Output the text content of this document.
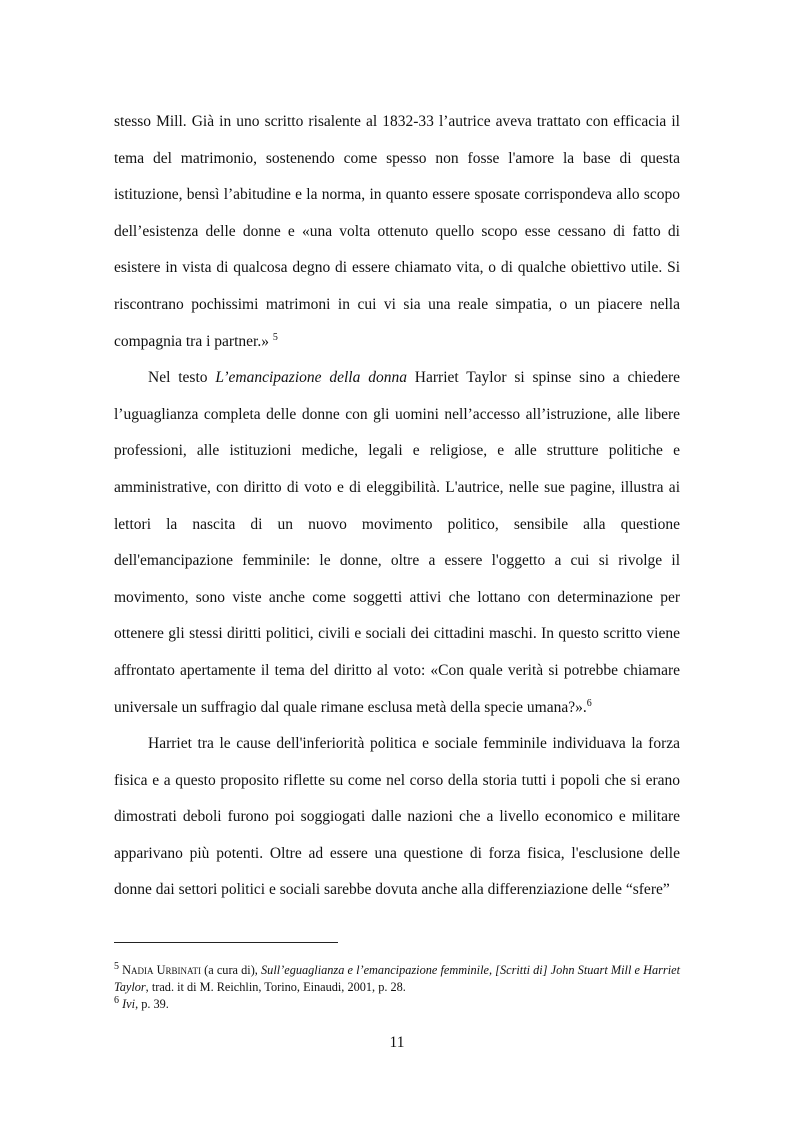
stesso Mill. Già in uno scritto risalente al 1832-33 l’autrice aveva trattato con efficacia il tema del matrimonio, sostenendo come spesso non fosse l'amore la base di questa istituzione, bensì l’abitudine e la norma, in quanto essere sposate corrispondeva allo scopo dell’esistenza delle donne e «una volta ottenuto quello scopo esse cessano di fatto di esistere in vista di qualcosa degno di essere chiamato vita, o di qualche obiettivo utile. Si riscontrano pochissimi matrimoni in cui vi sia una reale simpatia, o un piacere nella compagnia tra i partner.» $^5$

Nel testo L’emancipazione della donna Harriet Taylor si spinse sino a chiedere l’uguaglianza completa delle donne con gli uomini nell’accesso all’istruzione, alle libere professioni, alle istituzioni mediche, legali e religiose, e alle strutture politiche e amministrative, con diritto di voto e di eleggibilità. L'autrice, nelle sue pagine, illustra ai lettori la nascita di un nuovo movimento politico, sensibile alla questione dell'emancipazione femminile: le donne, oltre a essere l'oggetto a cui si rivolge il movimento, sono viste anche come soggetti attivi che lottano con determinazione per ottenere gli stessi diritti politici, civili e sociali dei cittadini maschi. In questo scritto viene affrontato apertamente il tema del diritto al voto: «Con quale verità si potrebbe chiamare universale un suffragio dal quale rimane esclusa metà della specie umana?».$^6$

Harriet tra le cause dell'inferiorità politica e sociale femminile individuava la forza fisica e a questo proposito riflette su come nel corso della storia tutti i popoli che si erano dimostrati deboli furono poi soggiogati dalle nazioni che a livello economico e militare apparivano più potenti. Oltre ad essere una questione di forza fisica, l'esclusione delle donne dai settori politici e sociali sarebbe dovuta anche alla differenziazione delle “sfere”

$^5$ Nadia Urbinati (a cura di), Sull’eguaglianza e l’emancipazione femminile, [Scritti di] John Stuart Mill e Harriet Taylor, trad. it di M. Reichlin, Torino, Einaudi, 2001, p. 28.

$^6$ Ivi, p. 39.

11
